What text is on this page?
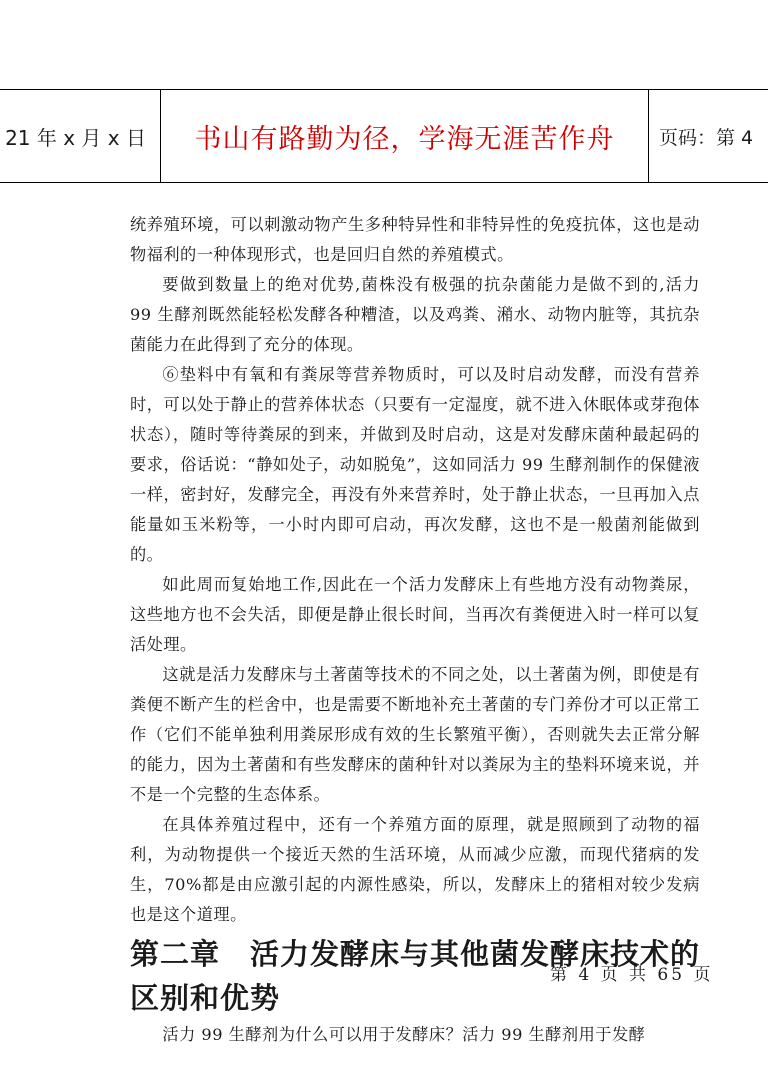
21 年 x 月 x 日	书山有路勤为径，学海无涯苦作舟	页码：第 4

统养殖环境，可以刺激动物产生多种特异性和非特异性的免疫抗体，这也是动物福利的一种体现形式，也是回归自然的养殖模式。

要做到数量上的绝对优势,菌株没有极强的抗杂菌能力是做不到的,活力 99 生酵剂既然能轻松发酵各种糟渣，以及鸡粪、潲水、动物内脏等，其抗杂菌能力在此得到了充分的体现。

⑥垫料中有氧和有粪尿等营养物质时，可以及时启动发酵，而没有营养时，可以处于静止的营养体状态（只要有一定湿度，就不进入休眠体或芽孢体状态），随时等待粪尿的到来，并做到及时启动，这是对发酵床菌种最起码的要求，俗话说：“静如处子，动如脱兔”，这如同活力 99 生酵剂制作的保健液一样，密封好，发酵完全，再没有外来营养时，处于静止状态，一旦再加入点能量如玉米粉等，一小时内即可启动，再次发酵，这也不是一般菌剂能做到的。

如此周而复始地工作,因此在一个活力发酵床上有些地方没有动物粪尿，这些地方也不会失活，即便是静止很长时间，当再次有粪便进入时一样可以复活处理。

这就是活力发酵床与土著菌等技术的不同之处，以土著菌为例，即使是有粪便不断产生的栏舍中，也是需要不断地补充土著菌的专门养份才可以正常工作（它们不能单独利用粪尿形成有效的生长繁殖平衡），否则就失去正常分解的能力，因为土著菌和有些发酵床的菌种针对以粪尿为主的垫料环境来说，并不是一个完整的生态体系。

在具体养殖过程中，还有一个养殖方面的原理，就是照顾到了动物的福利，为动物提供一个接近天然的生活环境，从而减少应激，而现代猪病的发生，70%都是由应激引起的内源性感染，所以，发酵床上的猪相对较少发病也是这个道理。

第二章　活力发酵床与其他菌发酵床技术的区别和优势

活力 99 生酵剂为什么可以用于发酵床？活力 99 生酵剂用于发酵

第 4 页 共 65 页
